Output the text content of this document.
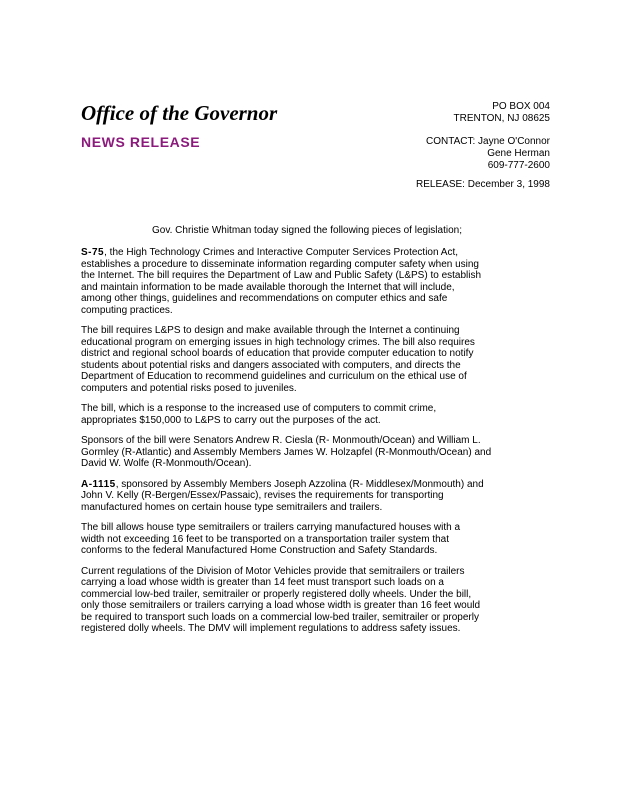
Office of the Governor
NEWS RELEASE
PO BOX 004
TRENTON, NJ 08625
CONTACT: Jayne O'Connor
Gene Herman
609-777-2600
RELEASE: December 3, 1998

Gov. Christie Whitman today signed the following pieces of legislation;

S-75, the High Technology Crimes and Interactive Computer Services Protection Act,
establishes a procedure to disseminate information regarding computer safety when using
the Internet. The bill requires the Department of Law and Public Safety (L&PS) to establish
and maintain information to be made available thorough the Internet that will include,
among other things, guidelines and recommendations on computer ethics and safe
computing practices.

The bill requires L&PS to design and make available through the Internet a continuing
educational program on emerging issues in high technology crimes. The bill also requires
district and regional school boards of education that provide computer education to notify
students about potential risks and dangers associated with computers, and directs the
Department of Education to recommend guidelines and curriculum on the ethical use of
computers and potential risks posed to juveniles.

The bill, which is a response to the increased use of computers to commit crime,
appropriates $150,000 to L&PS to carry out the purposes of the act.

Sponsors of the bill were Senators Andrew R. Ciesla (R- Monmouth/Ocean) and William L.
Gormley (R-Atlantic) and Assembly Members James W. Holzapfel (R-Monmouth/Ocean) and
David W. Wolfe (R-Monmouth/Ocean).

A-1115, sponsored by Assembly Members Joseph Azzolina (R- Middlesex/Monmouth) and
John V. Kelly (R-Bergen/Essex/Passaic), revises the requirements for transporting
manufactured homes on certain house type semitrailers and trailers.

The bill allows house type semitrailers or trailers carrying manufactured houses with a
width not exceeding 16 feet to be transported on a transportation trailer system that
conforms to the federal Manufactured Home Construction and Safety Standards.

Current regulations of the Division of Motor Vehicles provide that semitrailers or trailers
carrying a load whose width is greater than 14 feet must transport such loads on a
commercial low-bed trailer, semitrailer or properly registered dolly wheels. Under the bill,
only those semitrailers or trailers carrying a load whose width is greater than 16 feet would
be required to transport such loads on a commercial low-bed trailer, semitrailer or properly
registered dolly wheels. The DMV will implement regulations to address safety issues.
